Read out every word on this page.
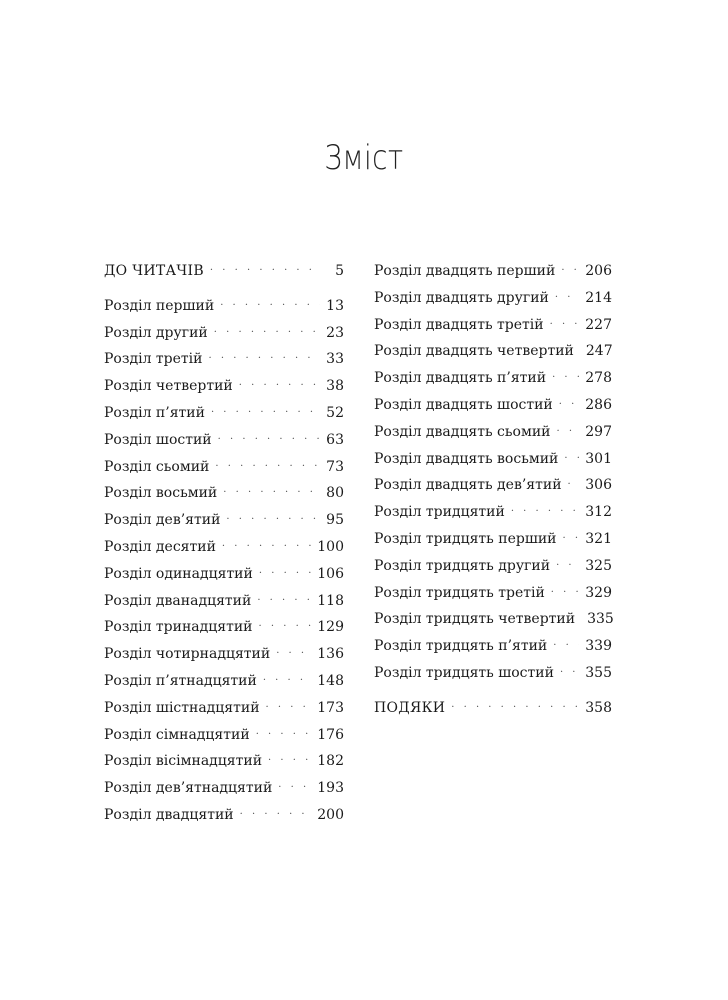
Зміст
ДО ЧИТАЧІВ · · ·	5
Розділ перший · · ·	13
Розділ другий · · ·	23
Розділ третій · · ·	33
Розділ четвертий · · ·	38
Розділ п’ятий · · ·	52
Розділ шостий · · ·	63
Розділ сьомий · · ·	73
Розділ восьмий · · ·	80
Розділ дев’ятий · · ·	95
Розділ десятий · · ·	100
Розділ одинадцятий · · ·	106
Розділ дванадцятий · · ·	118
Розділ тринадцятий · · ·	129
Розділ чотирнадцятий · · ·	136
Розділ п’ятнадцятий · · ·	148
Розділ шістнадцятий · · ·	173
Розділ сімнадцятий · · ·	176
Розділ вісімнадцятий · · ·	182
Розділ дев’ятнадцятий · · ·	193
Розділ двадцятий · · ·	200
Розділ двадцять перший · · · 206
Розділ двадцять другий · · ·	214
Розділ двадцять третій · · ·	227
Розділ двадцять четвертий 247
Розділ двадцять п’ятий · · ·	278
Розділ двадцять шостий · · · 286
Розділ двадцять сьомий · · · 297
Розділ двадцять восьмий · · · 301
Розділ двадцять дев’ятий · · · 306
Розділ тридцятий · · ·	312
Розділ тридцять перший · · · 321
Розділ тридцять другий · · ·	325
Розділ тридцять третій · · ·	329
Розділ тридцять четвертий 335
Розділ тридцять п’ятий · · ·	339
Розділ тридцять шостий · · · 355
ПОДЯКИ · · ·	358
